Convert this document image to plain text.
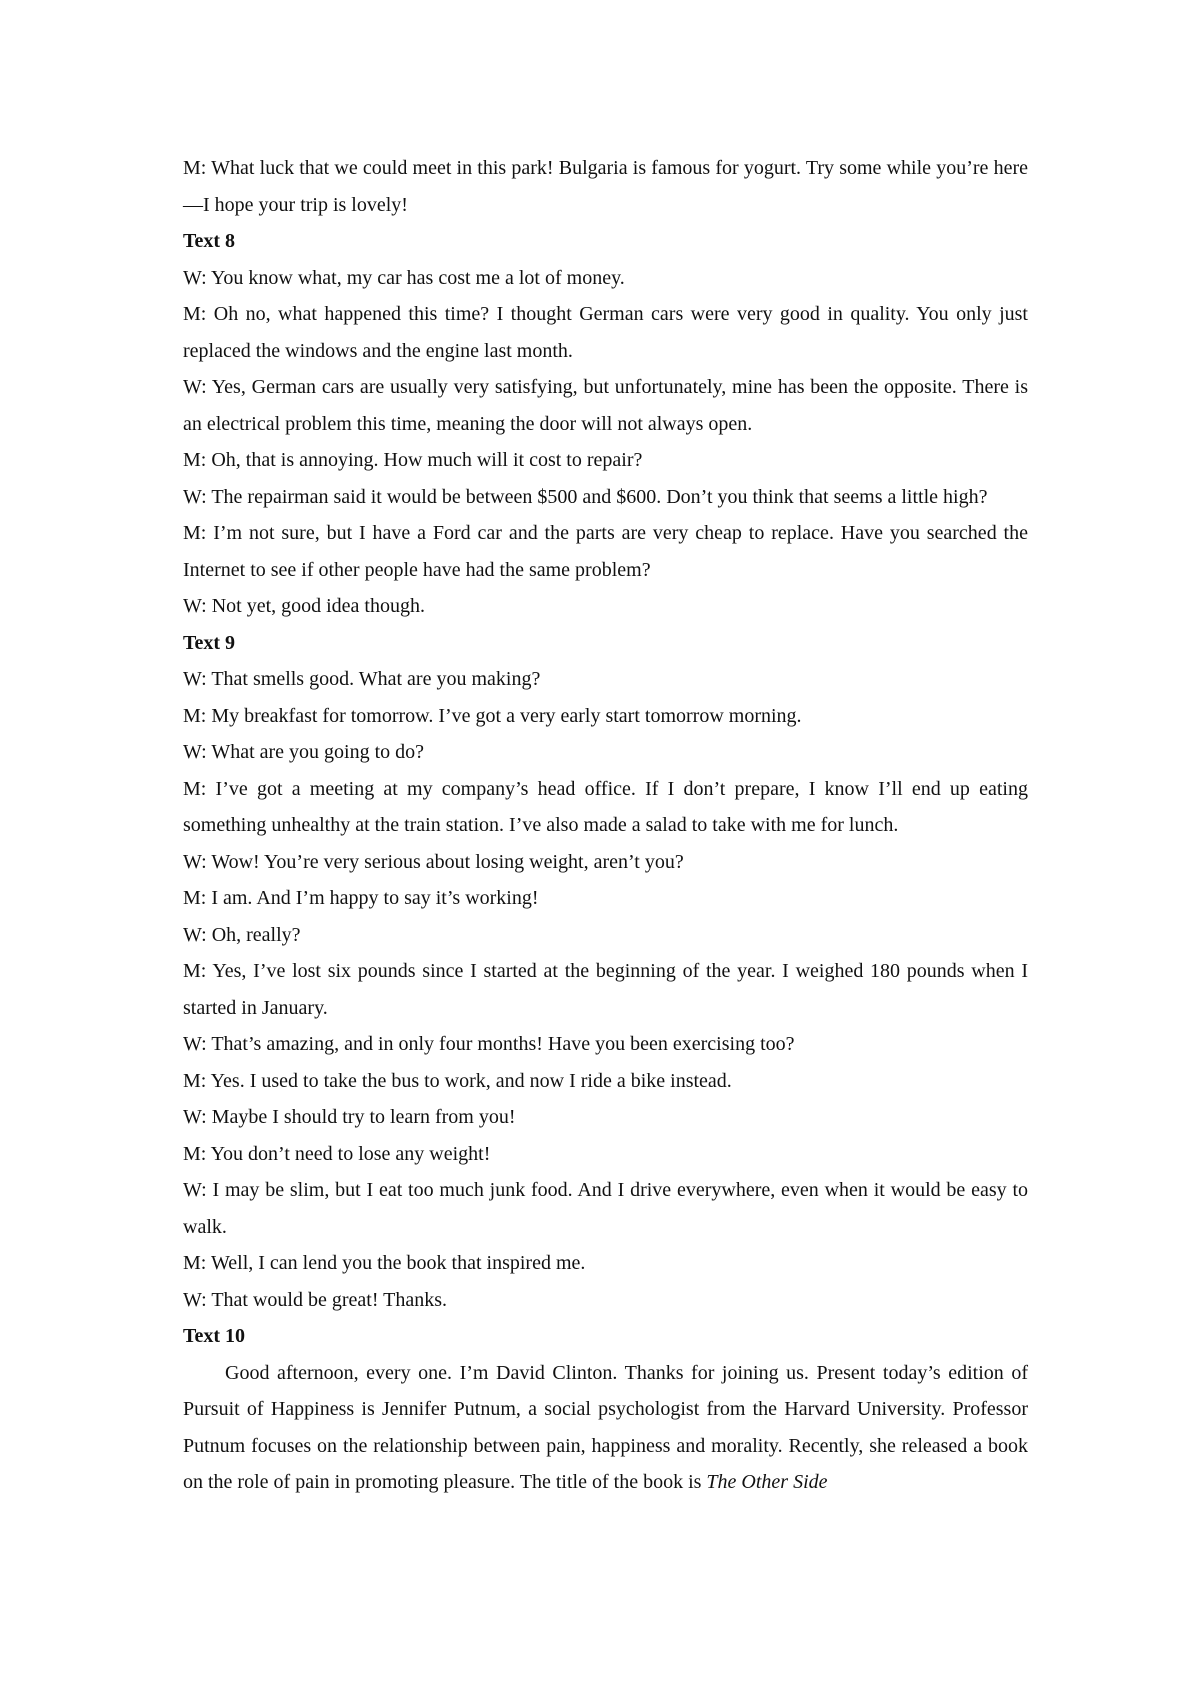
M: What luck that we could meet in this park! Bulgaria is famous for yogurt. Try some while you’re here—I hope your trip is lovely!

Text 8

W: You know what, my car has cost me a lot of money.

M: Oh no, what happened this time? I thought German cars were very good in quality. You only just replaced the windows and the engine last month.

W: Yes, German cars are usually very satisfying, but unfortunately, mine has been the opposite. There is an electrical problem this time, meaning the door will not always open.

M: Oh, that is annoying. How much will it cost to repair?

W: The repairman said it would be between $500 and $600. Don’t you think that seems a little high?

M: I’m not sure, but I have a Ford car and the parts are very cheap to replace. Have you searched the Internet to see if other people have had the same problem?

W: Not yet, good idea though.

Text 9

W: That smells good. What are you making?

M: My breakfast for tomorrow. I’ve got a very early start tomorrow morning.

W: What are you going to do?

M: I’ve got a meeting at my company’s head office. If I don’t prepare, I know I’ll end up eating something unhealthy at the train station. I’ve also made a salad to take with me for lunch.

W: Wow! You’re very serious about losing weight, aren’t you?

M: I am. And I’m happy to say it’s working!

W: Oh, really?

M: Yes, I’ve lost six pounds since I started at the beginning of the year. I weighed 180 pounds when I started in January.

W: That’s amazing, and in only four months! Have you been exercising too?

M: Yes. I used to take the bus to work, and now I ride a bike instead.

W: Maybe I should try to learn from you!

M: You don’t need to lose any weight!

W: I may be slim, but I eat too much junk food. And I drive everywhere, even when it would be easy to walk.

M: Well, I can lend you the book that inspired me.

W: That would be great! Thanks.

Text 10

Good afternoon, every one. I’m David Clinton. Thanks for joining us. Present today’s edition of Pursuit of Happiness is Jennifer Putnum, a social psychologist from the Harvard University. Professor Putnum focuses on the relationship between pain, happiness and morality. Recently, she released a book on the role of pain in promoting pleasure. The title of the book is The Other Side
